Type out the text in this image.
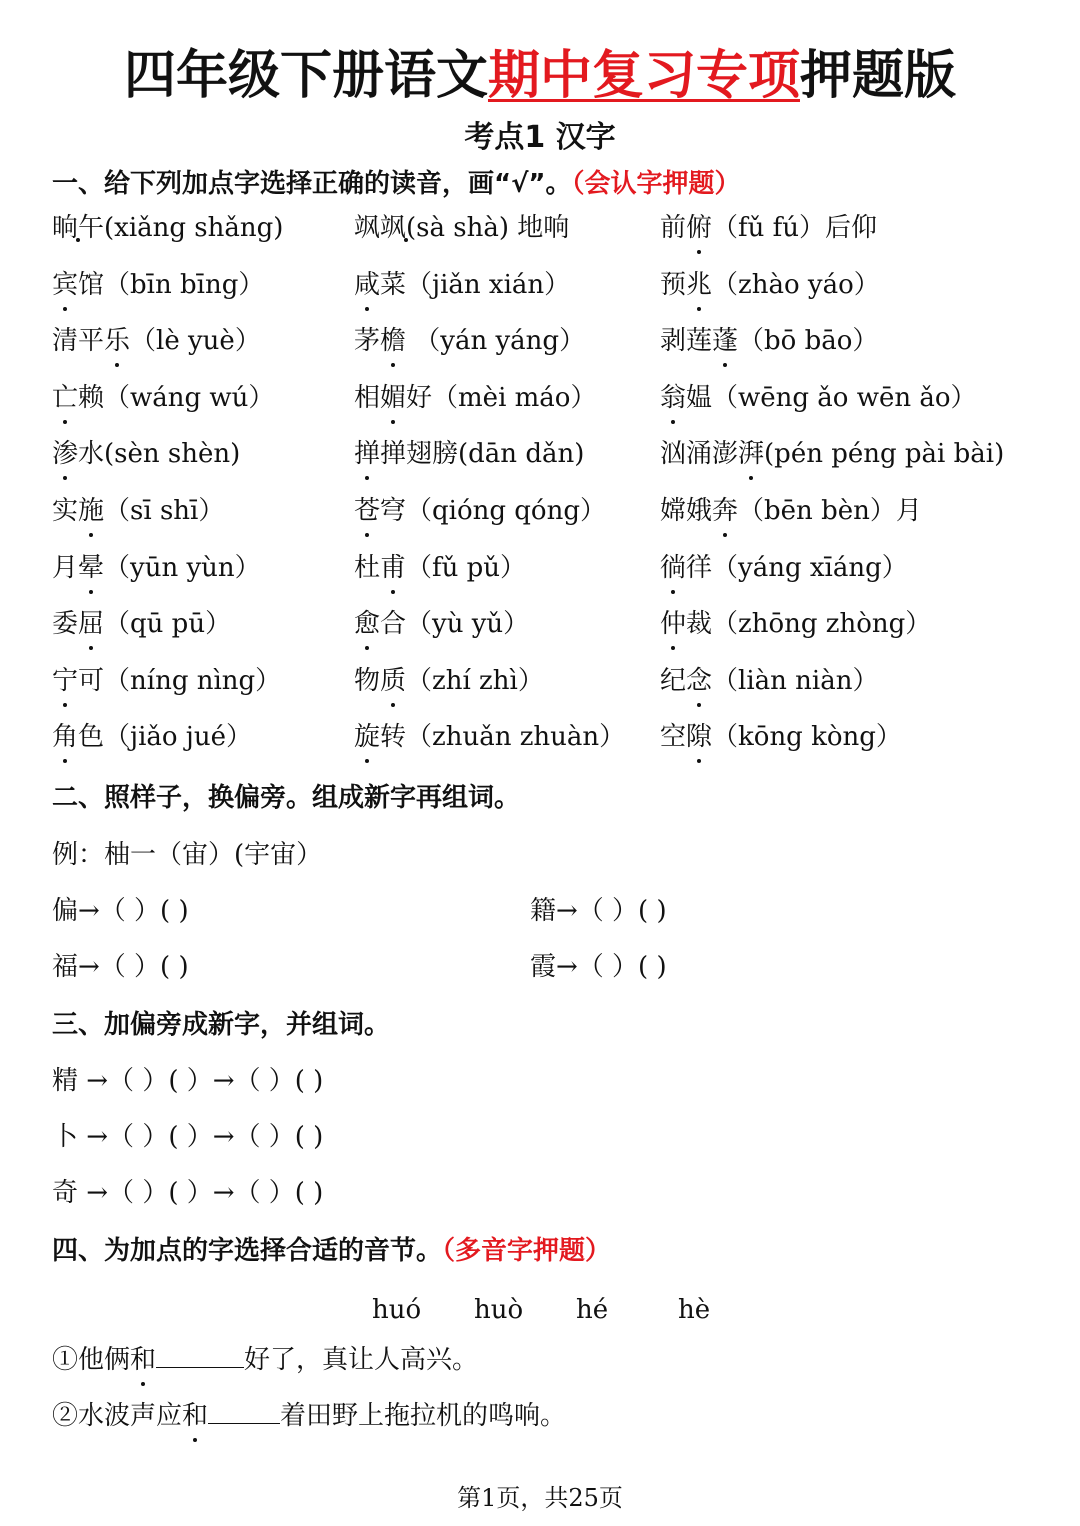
四年级下册语文期中复习专项押题版
考点1 汉字
一、给下列加点字选择正确的读音，画“√”。（会认字押题）
晌午(xiǎng shǎng)	飒飒(sà shà) 地响	前俯（fǔ fú）后仰
宾馆（bīn bīng）	咸菜（jiǎn xián）	预兆（zhào yáo）
清平乐（lè yuè）	茅檐 （yán yáng）	剥莲蓬（bō bāo）
亡赖（wáng wú）	相媚好（mèi máo） 翁媪（wēng ǎo wēn ǎo）
渗水(sèn shèn)	掸掸翅膀(dān dǎn)	汹涌澎湃(pén péng pài bài)
实施（sī shī）	苍穹（qióng qóng） 嫦娥奔（bēn bèn）月
月晕（yūn yùn）	杜甫（fǔ pǔ）	徜徉（yáng xīáng）
委屈（qū pū）	愈合（yù yǔ）	仲裁（zhōng zhòng）
宁可（níng nìng）	物质（zhí zhì）	纪念（liàn niàn）
角色（jiǎo jué）	旋转（zhuǎn zhuàn） 空隙（kōng kòng）
二、照样子，换偏旁。组成新字再组词。
例：柚一（宙）(宇宙）
偏→（ ）( )	籍→（ ）( )
福→（ ）( )	霞→（ ）( )
三、加偏旁成新字，并组词。
精 →（ ）( ）→（ ）( )
卜 →（ ）( ）→（ ）( )
奇 →（ ）( ）→（ ）( )
四、为加点的字选择合适的音节。（多音字押题）
huó huò hé	hè
①他俩和	好了，真让人高兴。
②水波声应和	着田野上拖拉机的鸣响。
第1页，共25页
